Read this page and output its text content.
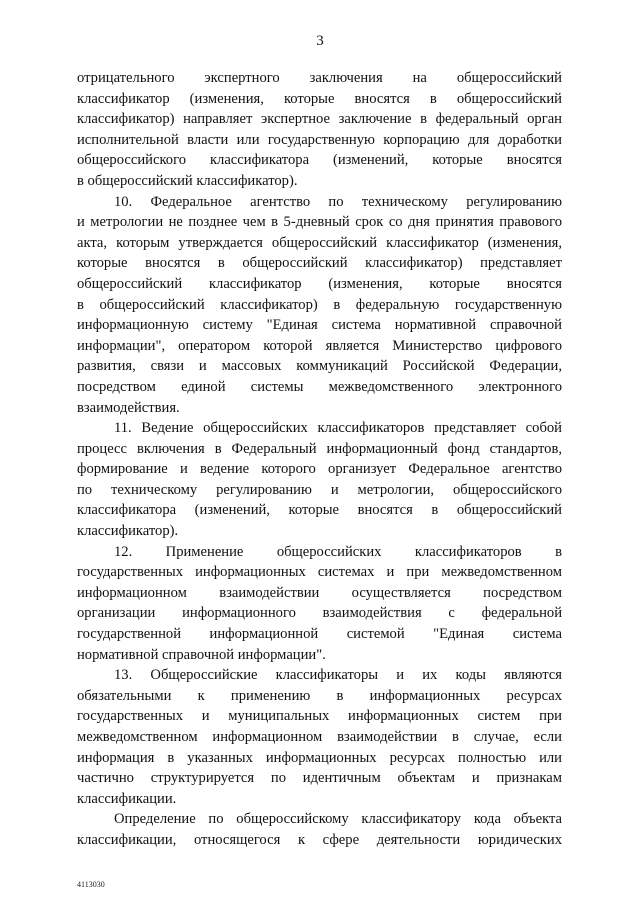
3
отрицательного экспертного заключения на общероссийский
классификатор (изменения, которые вносятся в общероссийский
классификатор) направляет экспертное заключение в федеральный орган
исполнительной власти или государственную корпорацию для доработки
общероссийского классификатора (изменений, которые вносятся
в общероссийский классификатор).
10. Федеральное агентство по техническому регулированию
и метрологии не позднее чем в 5-дневный срок со дня принятия правового
акта, которым утверждается общероссийский классификатор (изменения,
которые вносятся в общероссийский классификатор) представляет
общероссийский классификатор (изменения, которые вносятся
в общероссийский классификатор) в федеральную государственную
информационную систему "Единая система нормативной справочной
информации", оператором которой является Министерство цифрового
развития, связи и массовых коммуникаций Российской Федерации,
посредством единой системы межведомственного электронного
взаимодействия.
11. Ведение общероссийских классификаторов представляет собой
процесс включения в Федеральный информационный фонд стандартов,
формирование и ведение которого организует Федеральное агентство
по техническому регулированию и метрологии, общероссийского
классификатора (изменений, которые вносятся в общероссийский
классификатор).
12. Применение общероссийских классификаторов в
государственных информационных системах и при межведомственном
информационном взаимодействии осуществляется посредством
организации информационного взаимодействия с федеральной
государственной информационной системой "Единая система
нормативной справочной информации".
13. Общероссийские классификаторы и их коды являются
обязательными к применению в информационных ресурсах
государственных и муниципальных информационных систем при
межведомственном информационном взаимодействии в случае, если
информация в указанных информационных ресурсах полностью или
частично структурируется по идентичным объектам и признакам
классификации.
Определение по общероссийскому классификатору кода объекта
классификации, относящегося к сфере деятельности юридических
4113030
